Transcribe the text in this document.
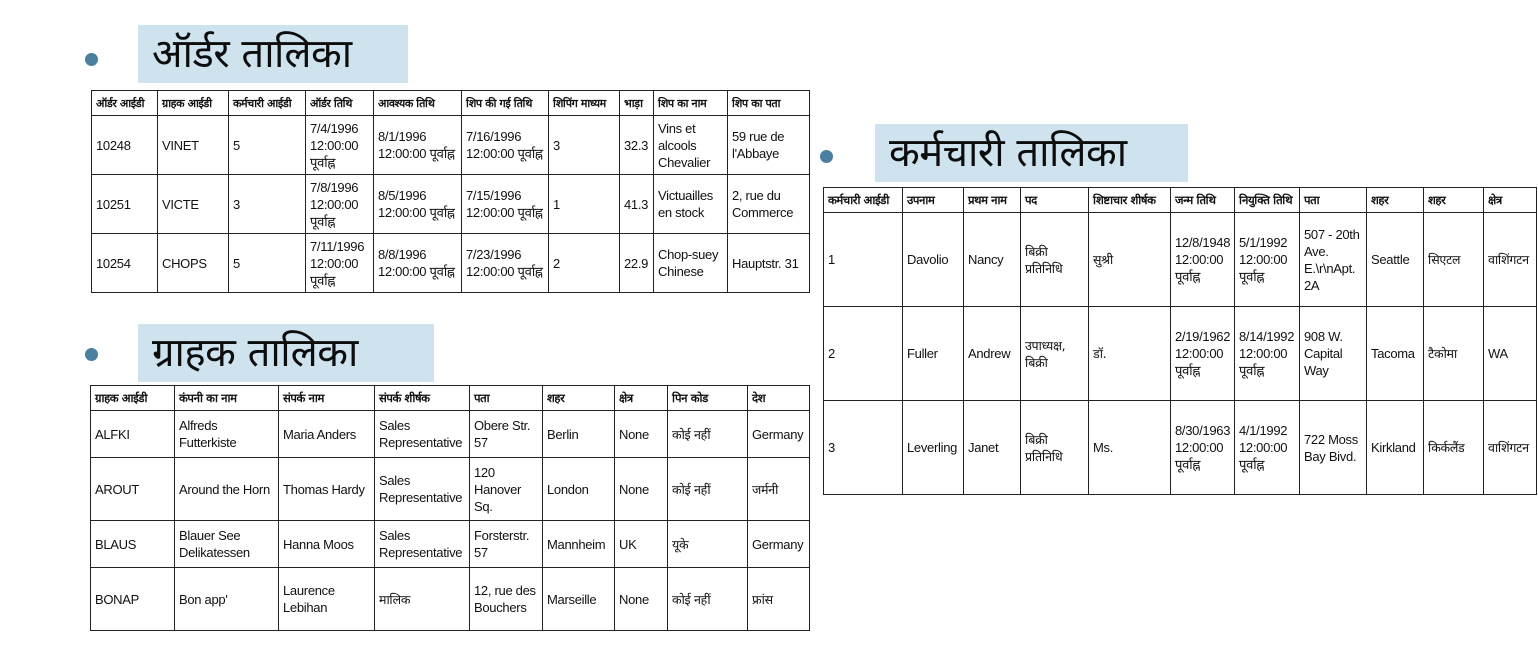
ऑर्डर तालिका
ऑर्डर आईडी	ग्राहक आईडी	कर्मचारी आईडी	ऑर्डर तिथि	आवश्यक तिथि	शिप की गई तिथि	शिपिंग माध्यम	भाड़ा	शिप का नाम	शिप का पता
10248	VINET	5	7/4/1996 12:00:00 पूर्वाह्न	8/1/1996 12:00:00 पूर्वाह्न	7/16/1996 12:00:00 पूर्वाह्न	3	32.3	Vins et alcools Chevalier	59 rue de l'Abbaye
10251	VICTE	3	7/8/1996 12:00:00 पूर्वाह्न	8/5/1996 12:00:00 पूर्वाह्न	7/15/1996 12:00:00 पूर्वाह्न	1	41.3	Victuailles en stock	2, rue du Commerce
10254	CHOPS	5	7/11/1996 12:00:00 पूर्वाह्न	8/8/1996 12:00:00 पूर्वाह्न	7/23/1996 12:00:00 पूर्वाह्न	2	22.9	Chop-suey Chinese	Hauptstr. 31
ग्राहक तालिका
ग्राहक आईडी	कंपनी का नाम	संपर्क नाम	संपर्क शीर्षक	पता	शहर	क्षेत्र	पिन कोड	देश
ALFKI	Alfreds Futterkiste	Maria Anders	Sales Representative	Obere Str. 57	Berlin	None	कोई नहीं	Germany
AROUT	Around the Horn	Thomas Hardy	Sales Representative	120 Hanover Sq.	London	None	कोई नहीं	जर्मनी
BLAUS	Blauer See Delikatessen	Hanna Moos	Sales Representative	Forsterstr. 57	Mannheim	UK	यूके	Germany
BONAP	Bon app'	Laurence Lebihan	मालिक	12, rue des Bouchers	Marseille	None	कोई नहीं	फ्रांस
कर्मचारी तालिका
कर्मचारी आईडी	उपनाम	प्रथम नाम	पद	शिष्टाचार शीर्षक	जन्म तिथि	नियुक्ति तिथि	पता	शहर	शहर	क्षेत्र
1	Davolio	Nancy	बिक्री प्रतिनिधि	सुश्री	12/8/1948 12:00:00 पूर्वाह्न	5/1/1992 12:00:00 पूर्वाह्न	507 - 20th Ave. E.\r\nApt. 2A	Seattle	सिएटल	वाशिंगटन
2	Fuller	Andrew	उपाध्यक्ष, बिक्री	डॉ.	2/19/1962 12:00:00 पूर्वाह्न	8/14/1992 12:00:00 पूर्वाह्न	908 W. Capital Way	Tacoma	टैकोमा	WA
3	Leverling	Janet	बिक्री प्रतिनिधि	Ms.	8/30/1963 12:00:00 पूर्वाह्न	4/1/1992 12:00:00 पूर्वाह्न	722 Moss Bay Bivd.	Kirkland	किर्कलैंड	वाशिंगटन
